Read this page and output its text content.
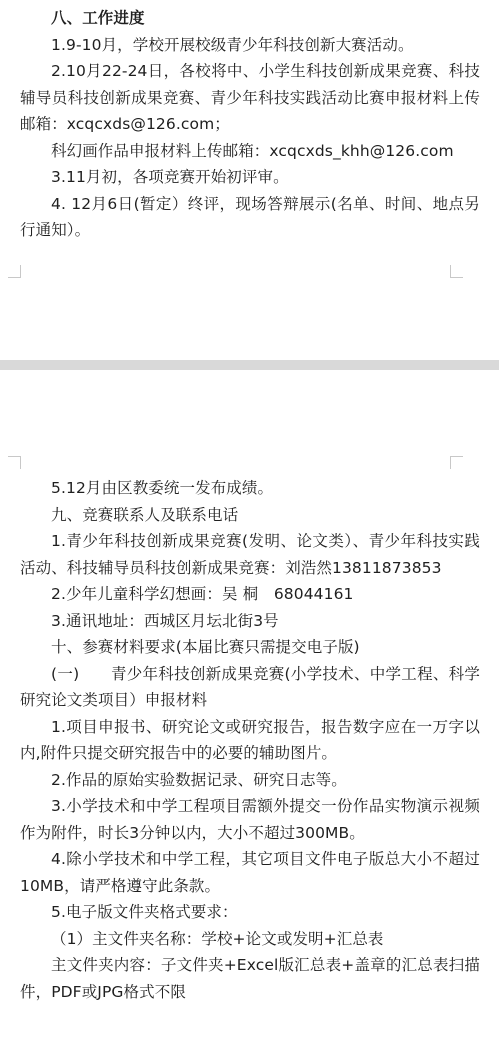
八、工作进度
1.9-10月，学校开展校级青少年科技创新大赛活动。
2.10月22-24日，各校将中、小学生科技创新成果竞赛、科技辅导员科技创新成果竞赛、青少年科技实践活动比赛申报材料上传邮箱：xcqcxds@126.com；
科幻画作品申报材料上传邮箱：xcqcxds_khh@126.com
3.11月初，各项竞赛开始初评审。
4. 12月6日(暂定）终评，现场答辩展示(名单、时间、地点另行通知）。
5.12月由区教委统一发布成绩。
九、竞赛联系人及联系电话
1.青少年科技创新成果竞赛(发明、论文类）、青少年科技实践活动、科技辅导员科技创新成果竞赛：刘浩然13811873853
2.少年儿童科学幻想画：吴 桐　68044161
3.通讯地址：西城区月坛北街3号
十、参赛材料要求(本届比赛只需提交电子版)
(一)　　青少年科技创新成果竞赛(小学技术、中学工程、科学研究论文类项目）申报材料
1.项目申报书、研究论文或研究报告，报告数字应在一万字以内,附件只提交研究报告中的必要的辅助图片。
2.作品的原始实验数据记录、研究日志等。
3.小学技术和中学工程项目需额外提交一份作品实物演示视频作为附件，时长3分钟以内，大小不超过300MB。
4.除小学技术和中学工程，其它项目文件电子版总大小不超过10MB，请严格遵守此条款。
5.电子版文件夹格式要求：
（1）主文件夹名称：学校+论文或发明+汇总表
主文件夹内容：子文件夹+Excel版汇总表+盖章的汇总表扫描件，PDF或JPG格式不限
